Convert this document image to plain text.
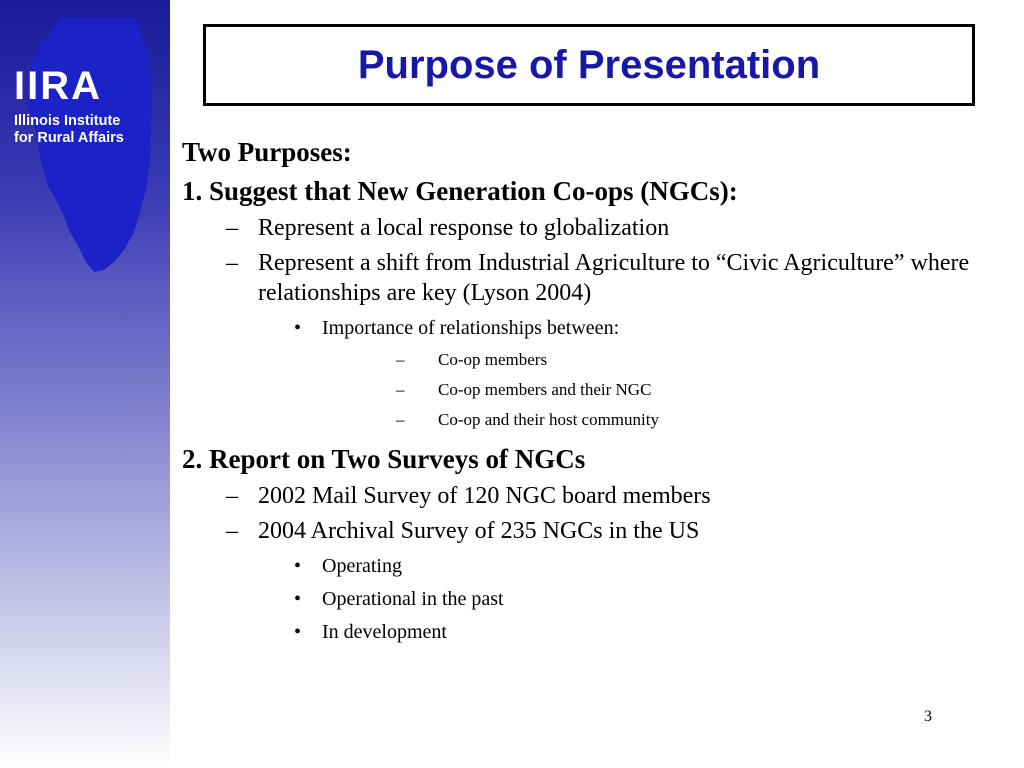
IIRA
Illinois Institute
for Rural Affairs
Purpose of Presentation
Two Purposes:
1. Suggest that New Generation Co-ops (NGCs):
– Represent a local response to globalization
– Represent a shift from Industrial Agriculture to “Civic Agriculture” where relationships are key (Lyson 2004)
• Importance of relationships between:
– Co-op members
– Co-op members and their NGC
– Co-op and their host community
2. Report on Two Surveys of NGCs
– 2002 Mail Survey of 120 NGC board members
– 2004 Archival Survey of 235 NGCs in the US
• Operating
• Operational in the past
• In development
3
